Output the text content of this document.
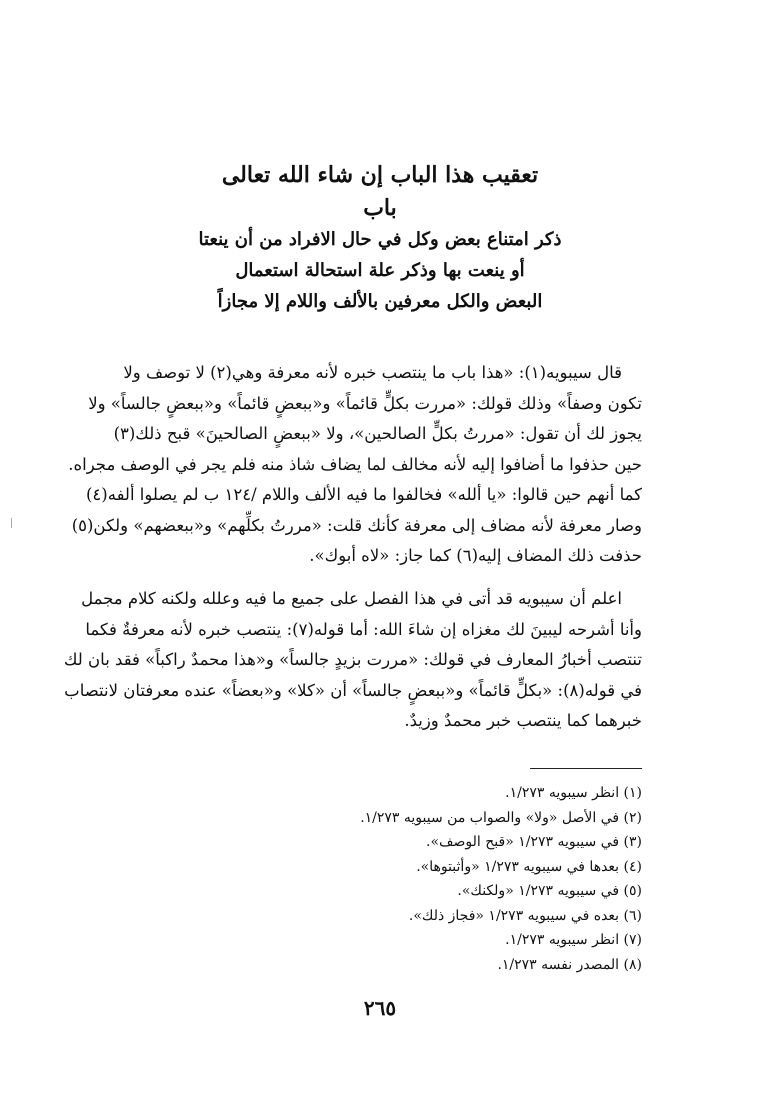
تعقيب هذا الباب إن شاء الله تعالى
باب

ذكر امتناع بعض وكل في حال الافراد من أن ينعتا

أو ينعت بها وذكر علة استحالة استعمال

البعض والكل معرفين بالألف واللام إلا مجازاً

قال سيبويه(١): «هذا باب ما ينتصب خبره لأنه معرفة وهي(٢) لا توصف ولا
تكون وصفاً» وذلك قولك: «مررت بكلٍّ قائماً» و«ببعضٍ قائماً» و«ببعضٍ جالساً» ولا
يجوز لك أن تقول: «مررتُ بكلٍّ الصالحين»، ولا «ببعضٍ الصالحينَ» قبح ذلك(٣)
حين حذفوا ما أضافوا إليه لأنه مخالف لما يضاف شاذ منه فلم يجر في الوصف مجراه.
كما أنهم حين قالوا: «يا ألله» فخالفوا ما فيه الألف واللام /١٢٤ ب لم يصلوا ألفه(٤)
وصار معرفة لأنه مضاف إلى معرفة كأنك قلت: «مررتُ بكلِّهم» و«ببعضهم» ولكن(٥)
حذفت ذلك المضاف إليه(٦) كما جاز: «لاه أبوك».
اعلم أن سيبويه قد أتى في هذا الفصل على جميع ما فيه وعلله ولكنه كلام مجمل
وأنا أشرحه ليبينَ لك مغزاه إن شاءَ الله: أما قوله(٧): ينتصب خبره لأنه معرفةٌ فكما
تنتصب أخبارُ المعارف في قولك: «مررت بزيدٍ جالساً» و«هذا محمدٌ راكباً» فقد بان لك
في قوله(٨): «بكلٍّ قائماً» و«ببعضٍ جالساً» أن «كلا» و«بعضاً» عنده معرفتان لانتصاب
خبرهما كما ينتصب خبر محمدٌ وزيدٌ.
(١) انظر سيبويه ١/٢٧٣.
(٢) في الأصل «ولا» والصواب من سيبويه ١/٢٧٣.
(٣) في سيبويه ١/٢٧٣ «قبح الوصف».
(٤) بعدها في سيبويه ١/٢٧٣ «وأثبتوها».
(٥) في سيبويه ١/٢٧٣ «ولكنك».
(٦) بعده في سيبويه ١/٢٧٣ «فجاز ذلك».
(٧) انظر سيبويه ١/٢٧٣.
(٨) المصدر نفسه ١/٢٧٣.
٢٦٥
